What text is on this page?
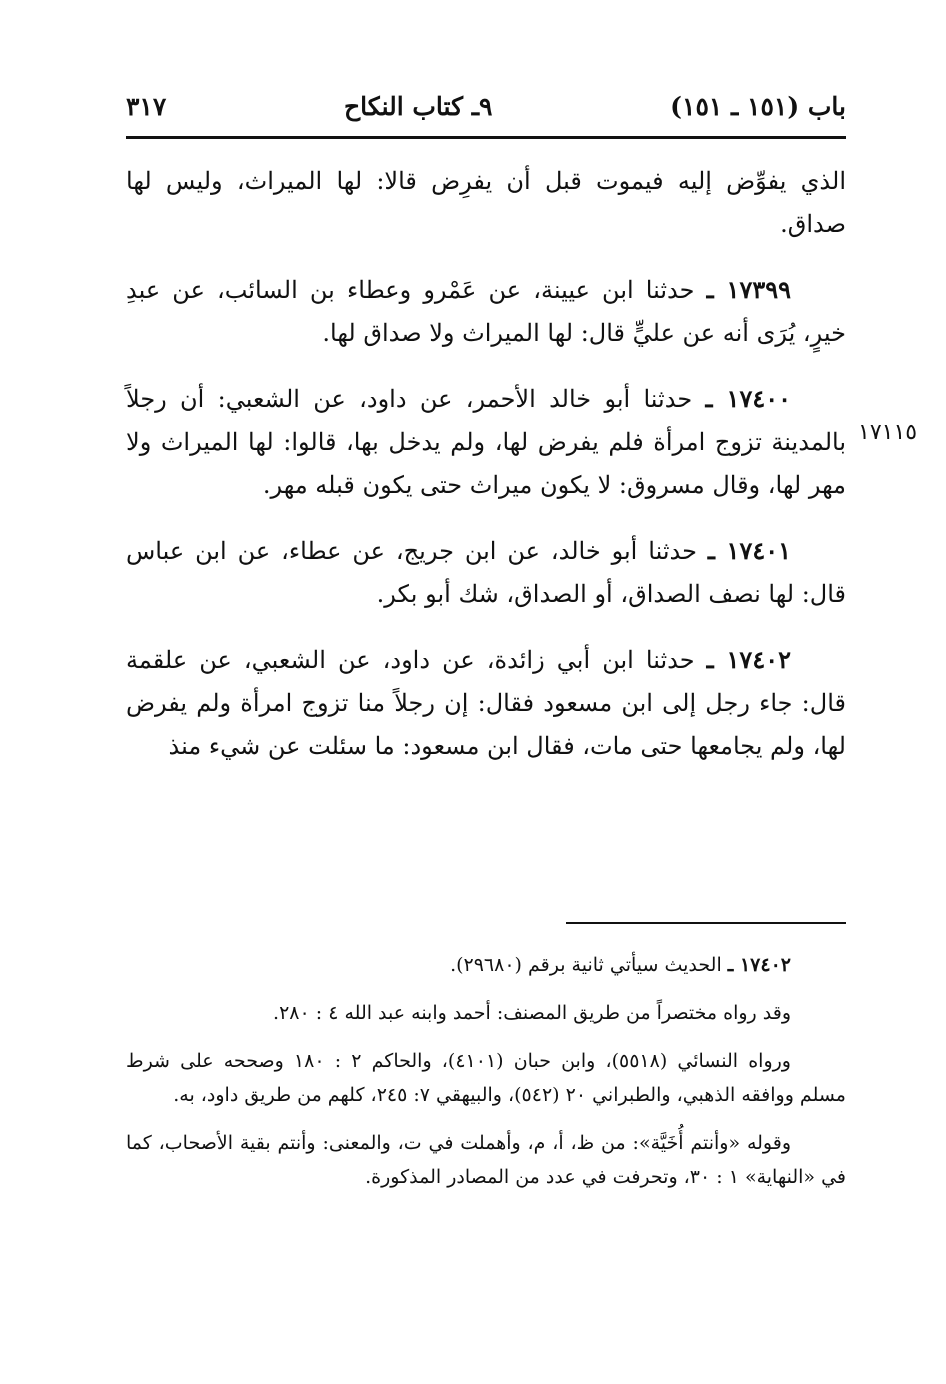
باب (١٥١ ـ ١٥١)
٩ـ كتاب النكاح
٣١٧
١٧١١٥

الذي يفوِّض إليه فيموت قبل أن يفرِض قالا: لها الميراث، وليس لها صداق.

١٧٣٩٩ ـ حدثنا ابن عيينة، عن عَمْرو وعطاء بن السائب، عن عبدِ خيرٍ، يُرَى أنه عن عليٍّ قال: لها الميراث ولا صداق لها.

١٧٤٠٠ ـ حدثنا أبو خالد الأحمر، عن داود، عن الشعبي: أن رجلاً بالمدينة تزوج امرأة فلم يفرض لها، ولم يدخل بها، قالوا: لها الميراث ولا مهر لها، وقال مسروق: لا يكون ميراث حتى يكون قبله مهر.

١٧٤٠١ ـ حدثنا أبو خالد، عن ابن جريج، عن عطاء، عن ابن عباس قال: لها نصف الصداق، أو الصداق، شك أبو بكر.

١٧٤٠٢ ـ حدثنا ابن أبي زائدة، عن داود، عن الشعبي، عن علقمة قال: جاء رجل إلى ابن مسعود فقال: إن رجلاً منا تزوج امرأة ولم يفرض لها، ولم يجامعها حتى مات، فقال ابن مسعود: ما سئلت عن شيء منذ

١٧٤٠٢ ـ الحديث سيأتي ثانية برقم (٢٩٦٨٠).

وقد رواه مختصراً من طريق المصنف: أحمد وابنه عبد الله ٤ : ٢٨٠.

ورواه النسائي (٥٥١٨)، وابن حبان (٤١٠١)، والحاكم ٢ : ١٨٠ وصححه على شرط مسلم ووافقه الذهبي، والطبراني ٢٠ (٥٤٢)، والبيهقي ٧: ٢٤٥، كلهم من طريق داود، به.

وقوله «وأنتم أُخَيَّة»: من ظ، أ، م، وأهملت في ت، والمعنى: وأنتم بقية الأصحاب، كما في «النهاية» ١ : ٣٠، وتحرفت في عدد من المصادر المذكورة.
